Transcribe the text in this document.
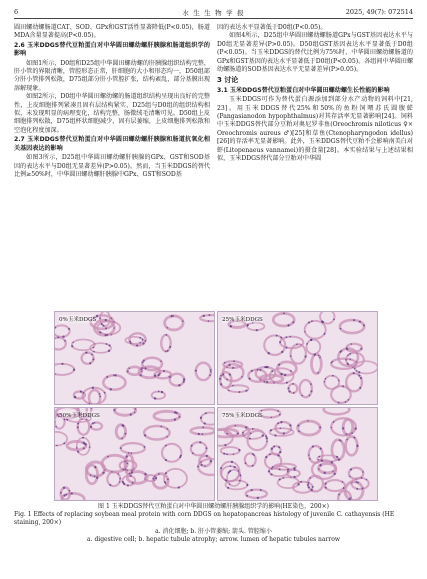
6	水 生 生 物 学 报	2025, 49(7): 072514

圆田螺幼螺肠道CAT、SOD、GPx和GST活性显著降低(P<0.05)，肠道MDA含量显著提高(P<0.05)。

2.6 玉米DDGS替代豆粕蛋白对中华圆田螺幼螺肝胰腺和肠道组织学的影响

如图1所示，D0组和D25组中华圆田螺幼螺的肝胰腺组织结构完整，肝小管的界限清晰，管腔形态正常，肝细胞的大小和形态均一，D50组部分肝小管排列松散，D75组部分肝小管腔扩张，结构紊乱，部分基膜出现溶解现象。

如图2所示，D0组中华圆田螺幼螺的肠道组织结构呈现出良好的完整性，上皮细胞排列紧凑且固有层结构紧实，D25组与D0组的组织结构相似，未发现明显的病理变化，结构完整，肠微绒毛清晰可见。D50组上皮细胞排列松散，D75组杯状细胞减少，固有层萎缩，上皮细胞排列松散和空泡化程度加深。

2.7 玉米DDGS替代豆粕蛋白对中华圆田螺幼螺肝胰腺和肠道抗氧化相关基因表达的影响

如图3所示，D25组中华圆田螺幼螺肝胰腺的GPx、GST和SOD基因的表达水平与D0组无显著差异(P>0.05)。然而，当玉米DDGS的替代比例≥50%时，中华圆田螺幼螺肝胰腺中GPx、GST和SOD基

因的表达水平显著低于D0组(P<0.05)。

如图4所示，D25组中华圆田螺幼螺肠道GPx与GST基因表达水平与D0组无显著差异(P>0.05)。D50组GST基因表达水平显著低于D0组(P<0.05)。当玉米DDGS的替代比例为75%时，中华圆田螺幼螺肠道的GPx和GST基因的表达水平显著低于D0组(P<0.05)。各组间中华圆田螺幼螺肠道的SOD基因表达水平无显著差异(P>0.05)。

3 讨论
3.1 玉米DDGS替代豆粕蛋白对中华圆田螺幼螺生长性能的影响

玉米DDGS可作为替代蛋白源添加到部分水产动物的饲料中[21, 23]。用玉米DDGS替代25%和50%的鱼粉饲喂苏氏圆腹𩷶(Pangasianodon hypophthalmus)对其存活率无显著影响[24]。饲料中玉米DDGS替代部分豆粕对奥尼罗非鱼(Oreochromis niloticus ♀× Oreochromis aureus ♂)[25]和草鱼(Ctenopharyngodon idellus)[26]的存活率无显著影响。此外，玉米DDGS替代豆粕不会影响南美白对虾(Litopenaeus vannamei)的摄食量[28]。本实验结果与上述结果相似，玉米DDGS替代部分豆粕对中华圆

0%玉米DDGS	25%玉米DDGS
50%玉米DDGS	75%玉米DDGS
图 1 玉米DDGS替代豆粕蛋白对中华圆田螺幼螺肝胰腺组织学的影响(HE染色，200×)
Fig. 1 Effects of replacing soybean meal protein with corn DDGS on hepatopancreas histology of juvenile C. cathayensis (HE staining, 200×)
a. 消化细胞; b. 肝小管萎缩; 箭头. 管腔缩小
a. digestive cell; b. hepatic tubule atrophy; arrow. lumen of hepatic tubules narrow
